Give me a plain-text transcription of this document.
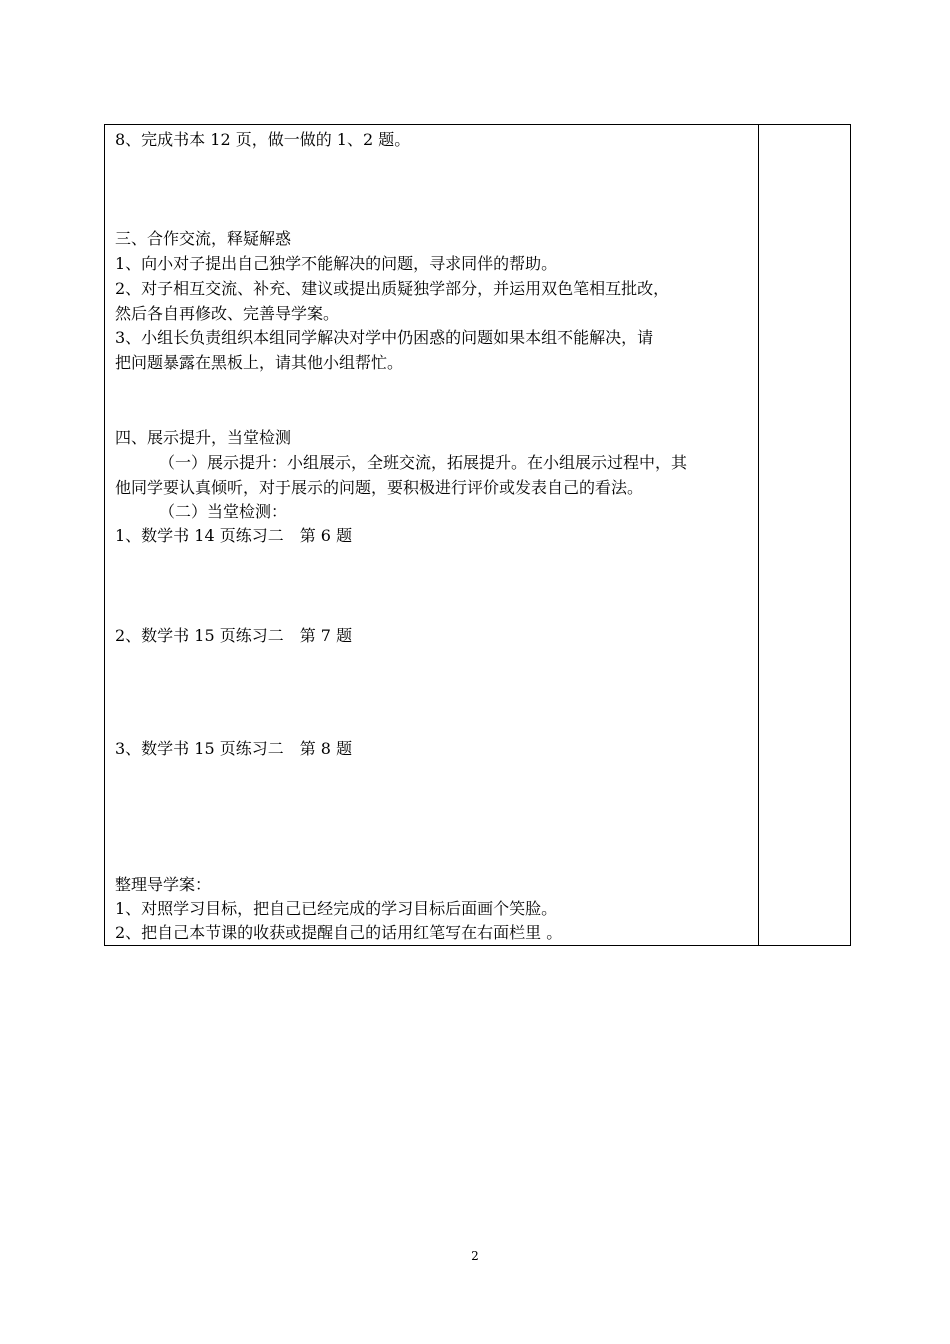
8、完成书本 12 页，做一做的 1、2 题。
三、合作交流，释疑解惑
1、向小对子提出自己独学不能解决的问题，寻求同伴的帮助。
2、对子相互交流、补充、建议或提出质疑独学部分，并运用双色笔相互批改，
然后各自再修改、完善导学案。
3、小组长负责组织本组同学解决对学中仍困惑的问题如果本组不能解决，请
把问题暴露在黑板上，请其他小组帮忙。
四、展示提升，当堂检测
（一）展示提升：小组展示，全班交流，拓展提升。在小组展示过程中，其
他同学要认真倾听，对于展示的问题，要积极进行评价或发表自己的看法。
（二）当堂检测：
1、数学书 14 页练习二　第 6 题
2、数学书 15 页练习二　第 7 题
3、数学书 15 页练习二　第 8 题
整理导学案：
1、对照学习目标，把自己已经完成的学习目标后面画个笑脸。
2、把自己本节课的收获或提醒自己的话用红笔写在右面栏里 。
2
